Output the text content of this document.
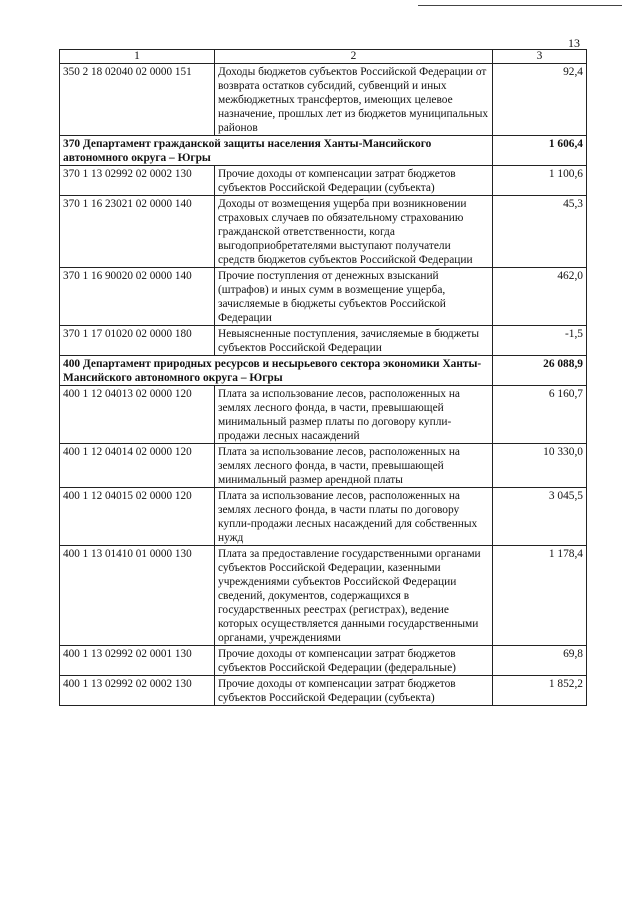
13
1	2	3
350 2 18 02040 02 0000 151	Доходы бюджетов субъектов Российской Федерации от возврата остатков субсидий, субвенций и иных межбюджетных трансфертов, имеющих целевое назначение, прошлых лет из бюджетов муниципальных районов	92,4
370 Департамент гражданской защиты населения Ханты-Мансийского автономного округа – Югры		1 606,4
370 1 13 02992 02 0002 130	Прочие доходы от компенсации затрат бюджетов субъектов Российской Федерации (субъекта)	1 100,6
370 1 16 23021 02 0000 140	Доходы от возмещения ущерба при возникновении страховых случаев по обязательному страхованию гражданской ответственности, когда выгодоприобретателями выступают получатели средств бюджетов субъектов Российской Федерации	45,3
370 1 16 90020 02 0000 140	Прочие поступления от денежных взысканий (штрафов) и иных сумм в возмещение ущерба, зачисляемые в бюджеты субъектов Российской Федерации	462,0
370 1 17 01020 02 0000 180	Невыясненные поступления, зачисляемые в бюджеты субъектов Российской Федерации	-1,5
400 Департамент природных ресурсов и несырьевого сектора экономики Ханты-Мансийского автономного округа – Югры		26 088,9
400 1 12 04013 02 0000 120	Плата за использование лесов, расположенных на землях лесного фонда, в части, превышающей минимальный размер платы по договору купли-продажи лесных насаждений	6 160,7
400 1 12 04014 02 0000 120	Плата за использование лесов, расположенных на землях лесного фонда, в части, превышающей минимальный размер арендной платы	10 330,0
400 1 12 04015 02 0000 120	Плата за использование лесов, расположенных на землях лесного фонда, в части платы по договору купли-продажи лесных насаждений для собственных нужд	3 045,5
400 1 13 01410 01 0000 130	Плата за предоставление государственными органами субъектов Российской Федерации, казенными учреждениями субъектов Российской Федерации сведений, документов, содержащихся в государственных реестрах (регистрах), ведение которых осуществляется данными государственными органами, учреждениями	1 178,4
400 1 13 02992 02 0001 130	Прочие доходы от компенсации затрат бюджетов субъектов Российской Федерации (федеральные)	69,8
400 1 13 02992 02 0002 130	Прочие доходы от компенсации затрат бюджетов субъектов Российской Федерации (субъекта)	1 852,2
